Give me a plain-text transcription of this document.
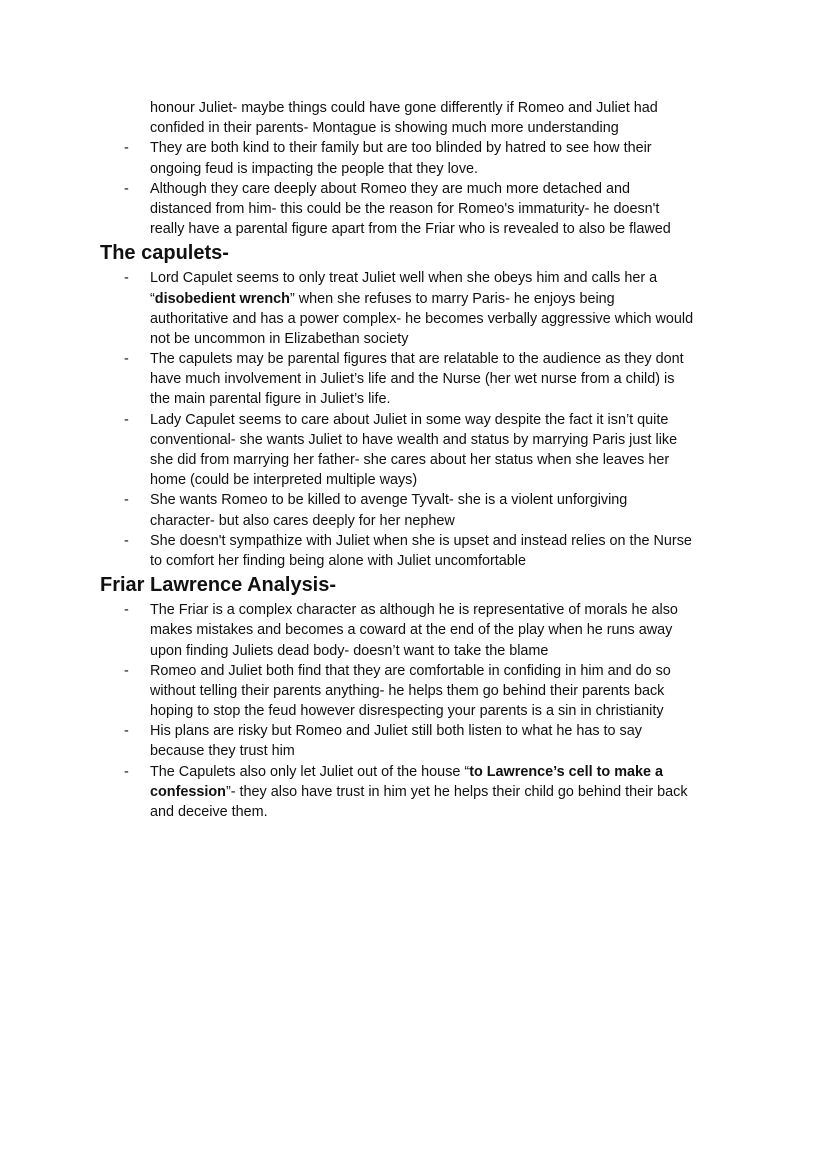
honour Juliet- maybe things could have gone differently if Romeo and Juliet had
confided in their parents- Montague is showing much more understanding
- They are both kind to their family but are too blinded by hatred to see how their
ongoing feud is impacting the people that they love.
- Although they care deeply about Romeo they are much more detached and
distanced from him- this could be the reason for Romeo's immaturity- he doesn't
really have a parental figure apart from the Friar who is revealed to also be flawed
The capulets-
- Lord Capulet seems to only treat Juliet well when she obeys him and calls her a
“disobedient wrench” when she refuses to marry Paris- he enjoys being
authoritative and has a power complex- he becomes verbally aggressive which would
not be uncommon in Elizabethan society
- The capulets may be parental figures that are relatable to the audience as they dont
have much involvement in Juliet’s life and the Nurse (her wet nurse from a child) is
the main parental figure in Juliet’s life.
- Lady Capulet seems to care about Juliet in some way despite the fact it isn’t quite
conventional- she wants Juliet to have wealth and status by marrying Paris just like
she did from marrying her father- she cares about her status when she leaves her
home (could be interpreted multiple ways)
- She wants Romeo to be killed to avenge Tyvalt- she is a violent unforgiving
character- but also cares deeply for her nephew
- She doesn't sympathize with Juliet when she is upset and instead relies on the Nurse
to comfort her finding being alone with Juliet uncomfortable
Friar Lawrence Analysis-
- The Friar is a complex character as although he is representative of morals he also
makes mistakes and becomes a coward at the end of the play when he runs away
upon finding Juliets dead body- doesn’t want to take the blame
- Romeo and Juliet both find that they are comfortable in confiding in him and do so
without telling their parents anything- he helps them go behind their parents back
hoping to stop the feud however disrespecting your parents is a sin in christianity
- His plans are risky but Romeo and Juliet still both listen to what he has to say
because they trust him
- The Capulets also only let Juliet out of the house “to Lawrence’s cell to make a
confession”- they also have trust in him yet he helps their child go behind their back
and deceive them.
